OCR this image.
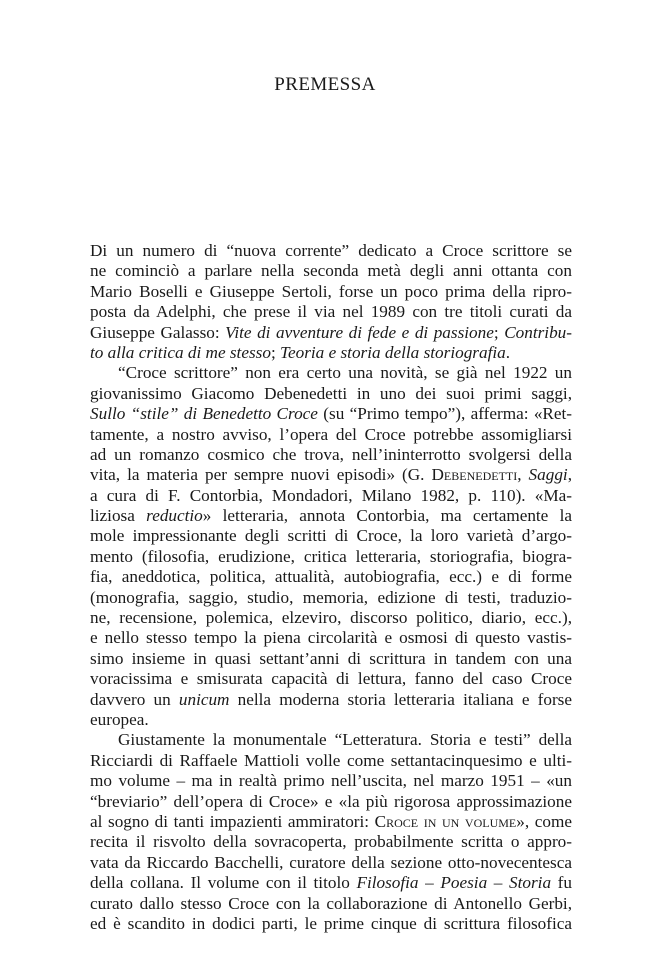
PREMESSA
Di un numero di “nuova corrente” dedicato a Croce scrittore se
ne cominciò a parlare nella seconda metà degli anni ottanta con
Mario Boselli e Giuseppe Sertoli, forse un poco prima della ripro-
posta da Adelphi, che prese il via nel 1989 con tre titoli curati da
Giuseppe Galasso: Vite di avventure di fede e di passione; Contribu-
to alla critica di me stesso; Teoria e storia della storiografia.
“Croce scrittore” non era certo una novità, se già nel 1922 un
giovanissimo Giacomo Debenedetti in uno dei suoi primi saggi,
Sullo “stile” di Benedetto Croce (su “Primo tempo”), afferma: «Ret-
tamente, a nostro avviso, l’opera del Croce potrebbe assomigliarsi
ad un romanzo cosmico che trova, nell’ininterrotto svolgersi della
vita, la materia per sempre nuovi episodi» (G. Debenedetti, Saggi,
a cura di F. Contorbia, Mondadori, Milano 1982, p. 110). «Ma-
liziosa reductio» letteraria, annota Contorbia, ma certamente la
mole impressionante degli scritti di Croce, la loro varietà d’argo-
mento (filosofia, erudizione, critica letteraria, storiografia, biogra-
fia, aneddotica, politica, attualità, autobiografia, ecc.) e di forme
(monografia, saggio, studio, memoria, edizione di testi, traduzio-
ne, recensione, polemica, elzeviro, discorso politico, diario, ecc.),
e nello stesso tempo la piena circolarità e osmosi di questo vastis-
simo insieme in quasi settant’anni di scrittura in tandem con una
voracissima e smisurata capacità di lettura, fanno del caso Croce
davvero un unicum nella moderna storia letteraria italiana e forse
europea.
Giustamente la monumentale “Letteratura. Storia e testi” della
Ricciardi di Raffaele Mattioli volle come settantacinquesimo e ulti-
mo volume – ma in realtà primo nell’uscita, nel marzo 1951 – «un
“breviario” dell’opera di Croce» e «la più rigorosa approssimazione
al sogno di tanti impazienti ammiratori: Croce in un volume», come
recita il risvolto della sovracoperta, probabilmente scritta o appro-
vata da Riccardo Bacchelli, curatore della sezione otto-novecentesca
della collana. Il volume con il titolo Filosofia – Poesia – Storia fu
curato dallo stesso Croce con la collaborazione di Antonello Gerbi,
ed è scandito in dodici parti, le prime cinque di scrittura filosofica
